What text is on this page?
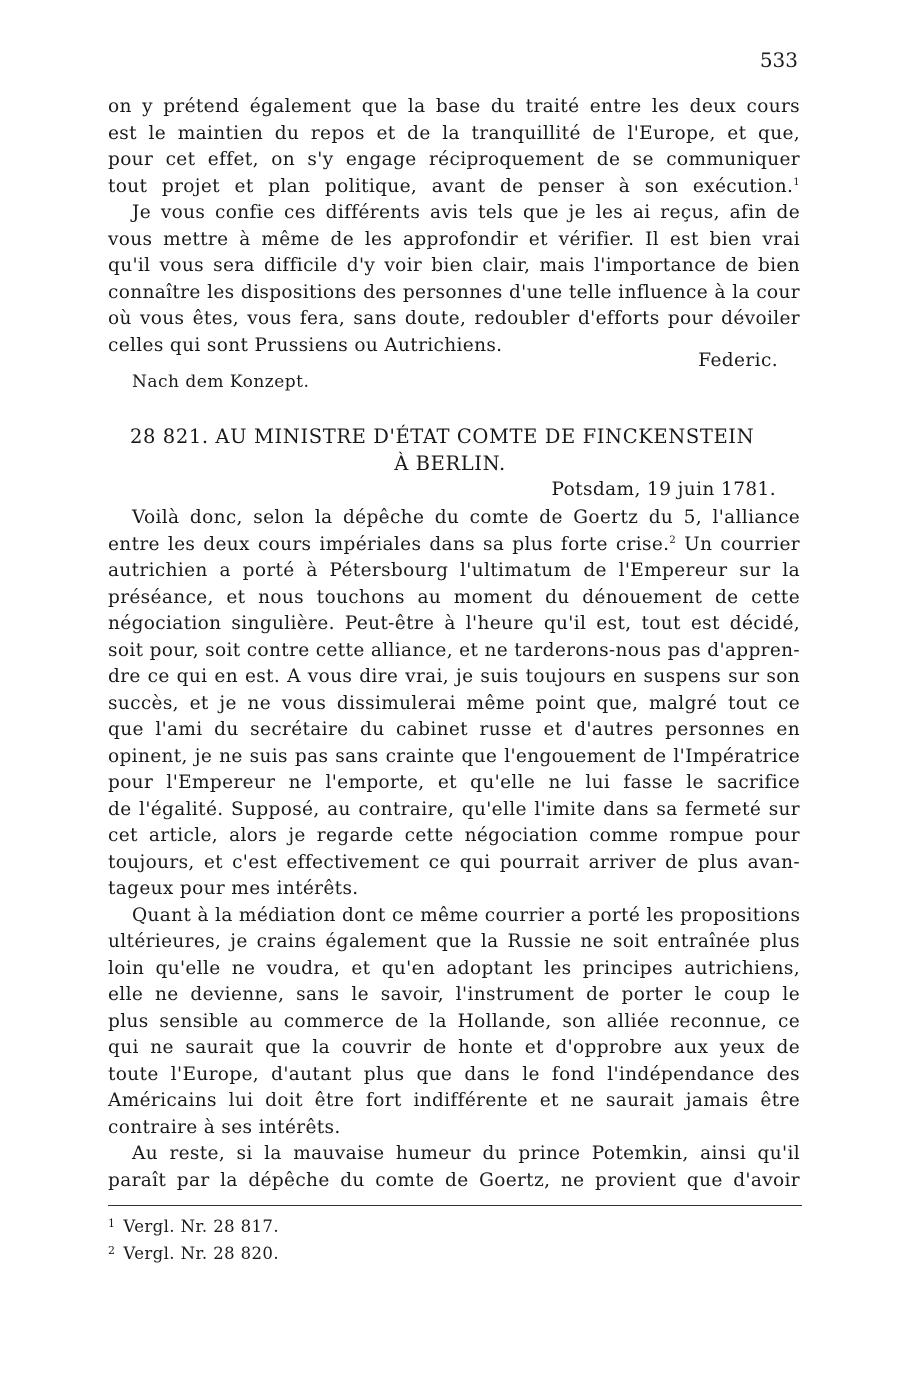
533
on y prétend également que la base du traité entre les deux cours
est le maintien du repos et de la tranquillité de l'Europe, et que,
pour cet effet, on s'y engage réciproquement de se communiquer
tout projet et plan politique, avant de penser à son exécution.$^1$
Je vous confie ces différents avis tels que je les ai reçus, afin de
vous mettre à même de les approfondir et vérifier. Il est bien vrai
qu'il vous sera difficile d'y voir bien clair, mais l'importance de bien
connaître les dispositions des personnes d'une telle influence à la cour
où vous êtes, vous fera, sans doute, redoubler d'efforts pour dévoiler
celles qui sont Prussiens ou Autrichiens.
Federic.
Nach dem Konzept.
28 821. AU MINISTRE D'ÉTAT COMTE DE FINCKENSTEIN
À BERLIN.
Potsdam, 19 juin 1781.
Voilà donc, selon la dépêche du comte de Goertz du 5, l'alliance
entre les deux cours impériales dans sa plus forte crise.$^2$ Un courrier
autrichien a porté à Pétersbourg l'ultimatum de l'Empereur sur la
préséance, et nous touchons au moment du dénouement de cette
négociation singulière. Peut-être à l'heure qu'il est, tout est décidé,
soit pour, soit contre cette alliance, et ne tarderons-nous pas d'appren-
dre ce qui en est. A vous dire vrai, je suis toujours en suspens sur son
succès, et je ne vous dissimulerai même point que, malgré tout ce
que l'ami du secrétaire du cabinet russe et d'autres personnes en
opinent, je ne suis pas sans crainte que l'engouement de l'Impératrice
pour l'Empereur ne l'emporte, et qu'elle ne lui fasse le sacrifice
de l'égalité. Supposé, au contraire, qu'elle l'imite dans sa fermeté sur
cet article, alors je regarde cette négociation comme rompue pour
toujours, et c'est effectivement ce qui pourrait arriver de plus avan-
tageux pour mes intérêts.
Quant à la médiation dont ce même courrier a porté les propositions
ultérieures, je crains également que la Russie ne soit entraînée plus
loin qu'elle ne voudra, et qu'en adoptant les principes autrichiens,
elle ne devienne, sans le savoir, l'instrument de porter le coup le
plus sensible au commerce de la Hollande, son alliée reconnue, ce
qui ne saurait que la couvrir de honte et d'opprobre aux yeux de
toute l'Europe, d'autant plus que dans le fond l'indépendance des
Américains lui doit être fort indifférente et ne saurait jamais être
contraire à ses intérêts.
Au reste, si la mauvaise humeur du prince Potemkin, ainsi qu'il
paraît par la dépêche du comte de Goertz, ne provient que d'avoir
$^1$ Vergl. Nr. 28 817.
$^2$ Vergl. Nr. 28 820.
